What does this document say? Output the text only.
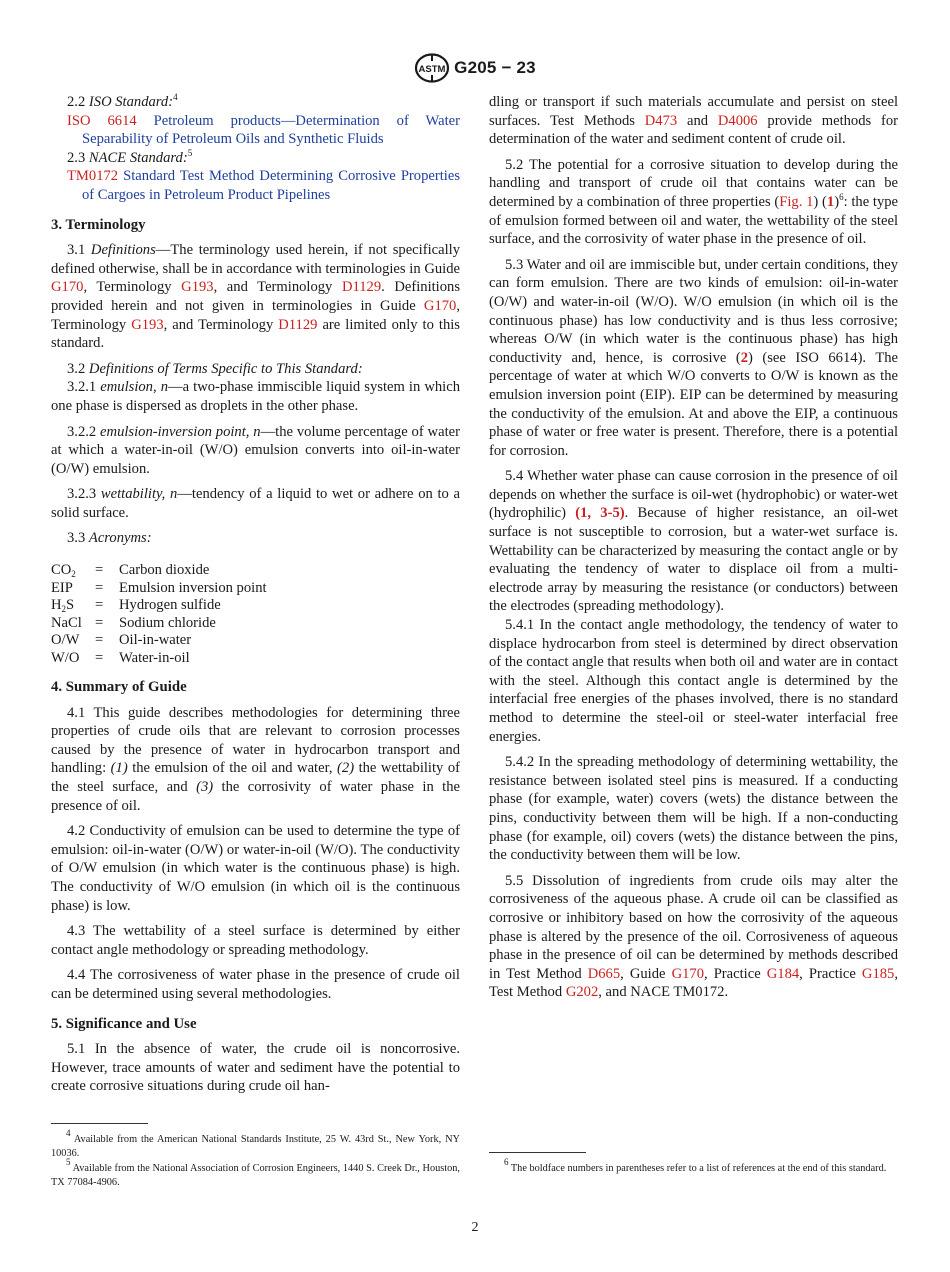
ASTM G205 − 23

2.2 ISO Standard:$^4$

ISO 6614 Petroleum products—Determination of Water Separability of Petroleum Oils and Synthetic Fluids

2.3 NACE Standard:$^5$

TM0172 Standard Test Method Determining Corrosive Properties of Cargoes in Petroleum Product Pipelines

3. Terminology

3.1 Definitions—The terminology used herein, if not specifically defined otherwise, shall be in accordance with terminologies in Guide G170, Terminology G193, and Terminology D1129. Definitions provided herein and not given in terminologies in Guide G170, Terminology G193, and Terminology D1129 are limited only to this standard.

3.2 Definitions of Terms Specific to This Standard:

3.2.1 emulsion, n—a two-phase immiscible liquid system in which one phase is dispersed as droplets in the other phase.

3.2.2 emulsion-inversion point, n—the volume percentage of water at which a water-in-oil (W/O) emulsion converts into oil-in-water (O/W) emulsion.

3.2.3 wettability, n—tendency of a liquid to wet or adhere on to a solid surface.

3.3 Acronyms:

$CO_2$	=	Carbon dioxide
EIP	=	Emulsion inversion point
$H_2S$	=	Hydrogen sulfide
NaCl	=	Sodium chloride
O/W	=	Oil-in-water
W/O	=	Water-in-oil
4. Summary of Guide

4.1 This guide describes methodologies for determining three properties of crude oils that are relevant to corrosion processes caused by the presence of water in hydrocarbon transport and handling: (1) the emulsion of the oil and water, (2) the wettability of the steel surface, and (3) the corrosivity of water phase in the presence of oil.

4.2 Conductivity of emulsion can be used to determine the type of emulsion: oil-in-water (O/W) or water-in-oil (W/O). The conductivity of O/W emulsion (in which water is the continuous phase) is high. The conductivity of W/O emulsion (in which oil is the continuous phase) is low.

4.3 The wettability of a steel surface is determined by either contact angle methodology or spreading methodology.

4.4 The corrosiveness of water phase in the presence of crude oil can be determined using several methodologies.

5. Significance and Use

5.1 In the absence of water, the crude oil is noncorrosive. However, trace amounts of water and sediment have the potential to create corrosive situations during crude oil han-

$^4$ Available from the American National Standards Institute, 25 W. 43rd St., New York, NY 10036.

$^5$ Available from the National Association of Corrosion Engineers, 1440 S. Creek Dr., Houston, TX 77084-4906.

dling or transport if such materials accumulate and persist on steel surfaces. Test Methods D473 and D4006 provide methods for determination of the water and sediment content of crude oil.

5.2 The potential for a corrosive situation to develop during the handling and transport of crude oil that contains water can be determined by a combination of three properties (Fig. 1) $(1)^6$: the type of emulsion formed between oil and water, the wettability of the steel surface, and the corrosivity of water phase in the presence of oil.

5.3 Water and oil are immiscible but, under certain conditions, they can form emulsion. There are two kinds of emulsion: oil-in-water (O/W) and water-in-oil (W/O). W/O emulsion (in which oil is the continuous phase) has low conductivity and is thus less corrosive; whereas O/W (in which water is the continuous phase) has high conductivity and, hence, is corrosive (2) (see ISO 6614). The percentage of water at which W/O converts to O/W is known as the emulsion inversion point (EIP). EIP can be determined by measuring the conductivity of the emulsion. At and above the EIP, a continuous phase of water or free water is present. Therefore, there is a potential for corrosion.

5.4 Whether water phase can cause corrosion in the presence of oil depends on whether the surface is oil-wet (hydrophobic) or water-wet (hydrophilic) (1, 3-5). Because of higher resistance, an oil-wet surface is not susceptible to corrosion, but a water-wet surface is. Wettability can be characterized by measuring the contact angle or by evaluating the tendency of water to displace oil from a multi-electrode array by measuring the resistance (or conductors) between the electrodes (spreading methodology).

5.4.1 In the contact angle methodology, the tendency of water to displace hydrocarbon from steel is determined by direct observation of the contact angle that results when both oil and water are in contact with the steel. Although this contact angle is determined by the interfacial free energies of the phases involved, there is no standard method to determine the steel-oil or steel-water interfacial free energies.

5.4.2 In the spreading methodology of determining wettability, the resistance between isolated steel pins is measured. If a conducting phase (for example, water) covers (wets) the distance between the pins, conductivity between them will be high. If a non-conducting phase (for example, oil) covers (wets) the distance between the pins, the conductivity between them will be low.

5.5 Dissolution of ingredients from crude oils may alter the corrosiveness of the aqueous phase. A crude oil can be classified as corrosive or inhibitory based on how the corrosivity of the aqueous phase is altered by the presence of the oil. Corrosiveness of aqueous phase in the presence of oil can be determined by methods described in Test Method D665, Guide G170, Practice G184, Practice G185, Test Method G202, and NACE TM0172.

$^6$ The boldface numbers in parentheses refer to a list of references at the end of this standard.

2
